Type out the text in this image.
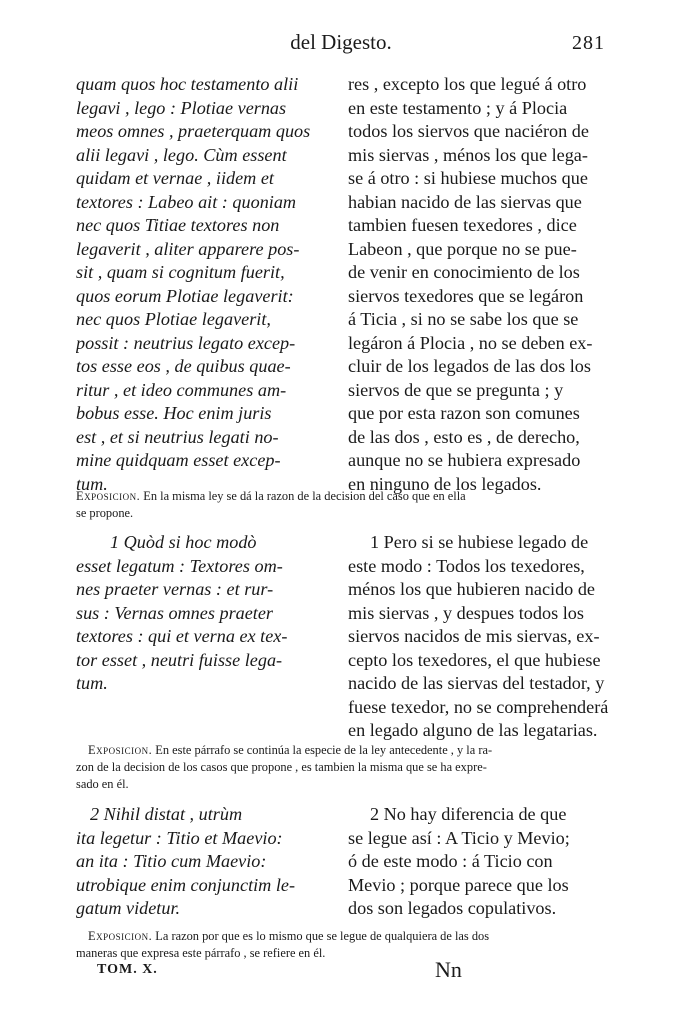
del Digesto.	281
quam quos hoc testamento alii
legavi , lego : Plotiae vernas
meos omnes , praeterquam quos
alii legavi , lego. Cùm essent
quidam et vernae , iidem et
textores : Labeo ait : quoniam
nec quos Titiae textores non
legaverit , aliter apparere pos-
sit , quam si cognitum fuerit,
quos eorum Plotiae legaverit:
nec quos Plotiae legaverit,
possit : neutrius legato excep-
tos esse eos , de quibus quae-
ritur , et ideo communes am-
bobus esse. Hoc enim juris
est , et si neutrius legati no-
mine quidquam esset excep-
tum.
res , excepto los que legué á otro
en este testamento ; y á Plocia
todos los siervos que naciéron de
mis siervas , ménos los que lega-
se á otro : si hubiese muchos que
habian nacido de las siervas que
tambien fuesen texedores , dice
Labeon , que porque no se pue-
de venir en conocimiento de los
siervos texedores que se legáron
á Ticia , si no se sabe los que se
legáron á Plocia , no se deben ex-
cluir de los legados de las dos los
siervos de que se pregunta ; y
que por esta razon son comunes
de las dos , esto es , de derecho,
aunque no se hubiera expresado
en ninguno de los legados.
Exposicion. En la misma ley se dá la razon de la decision del caso que en ella
se propone.
1 Quòd si hoc modò
esset legatum : Textores om-
nes praeter vernas : et rur-
sus : Vernas omnes praeter
textores : qui et verna ex tex-
tor esset , neutri fuisse lega-
tum.
1 Pero si se hubiese legado de
este modo : Todos los texedores,
ménos los que hubieren nacido de
mis siervas , y despues todos los
siervos nacidos de mis siervas, ex-
cepto los texedores, el que hubiese
nacido de las siervas del testador, y
fuese texedor, no se comprehenderá
en legado alguno de las legatarias.
Exposicion. En este párrafo se continúa la especie de la ley antecedente , y la ra-
zon de la decision de los casos que propone , es tambien la misma que se ha expre-
sado en él.
2 Nihil distat , utrùm
ita legetur : Titio et Maevio:
an ita : Titio cum Maevio:
utrobique enim conjunctim le-
gatum videtur.
2 No hay diferencia de que
se legue así : A Ticio y Mevio;
ó de este modo : á Ticio con
Mevio ; porque parece que los
dos son legados copulativos.
Exposicion. La razon por que es lo mismo que se legue de qualquiera de las dos
maneras que expresa este párrafo , se refiere en él.
TOM. X.	Nn
